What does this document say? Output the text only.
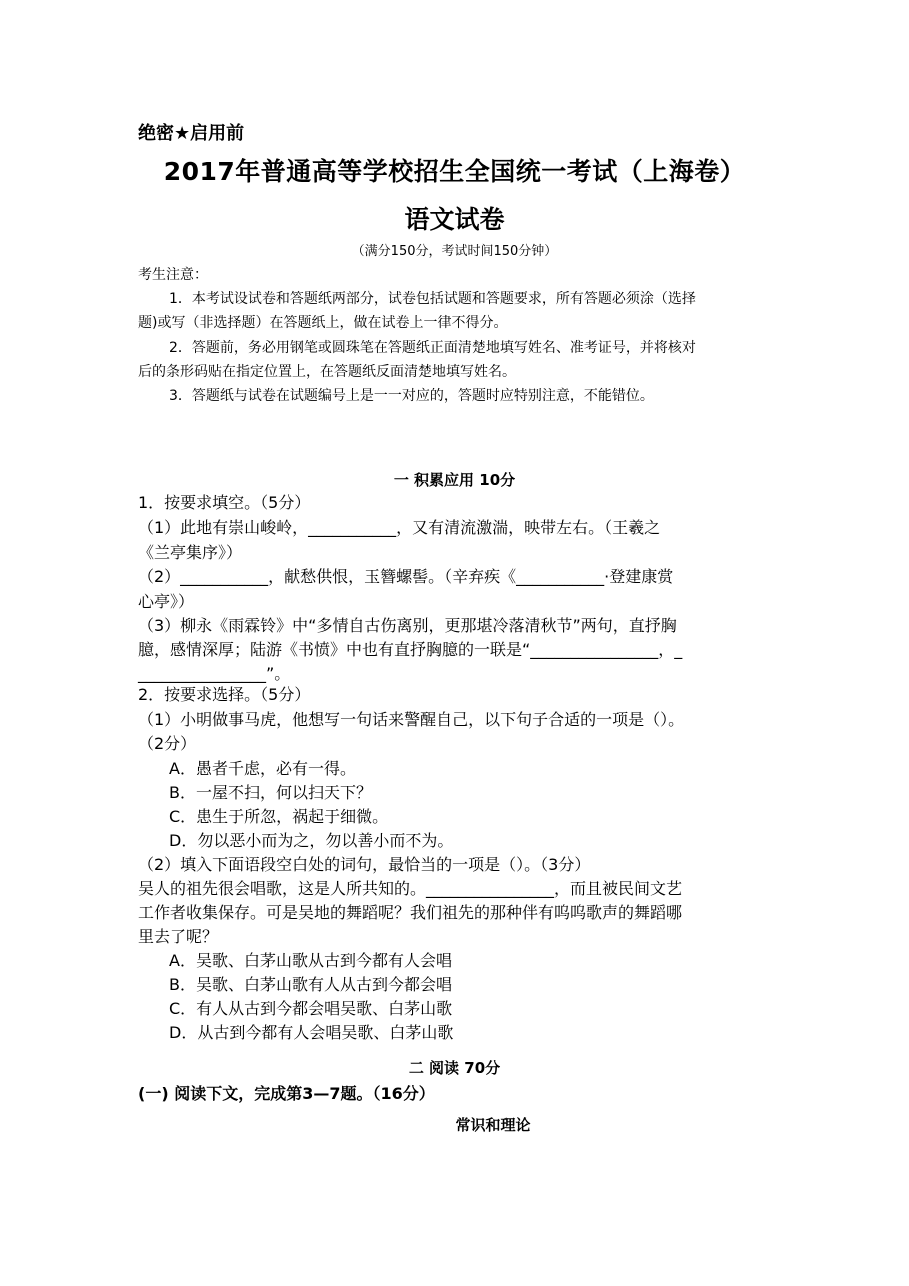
绝密★启用前
2017年普通高等学校招生全国统一考试（上海卷）
语文试卷
（满分150分，考试时间150分钟）
考生注意：
1．本考试设试卷和答题纸两部分，试卷包括试题和答题要求，所有答题必须涂（选择
题)或写（非选择题）在答题纸上，做在试卷上一律不得分。
2．答题前，务必用钢笔或圆珠笔在答题纸正面清楚地填写姓名、准考证号，并将核对
后的条形码贴在指定位置上，在答题纸反面清楚地填写姓名。
3．答题纸与试卷在试题编号上是一一对应的，答题时应特别注意，不能错位。
一 积累应用 10分
1．按要求填空。（5分）
（1）此地有崇山峻岭，___________，又有清流激湍，映带左右。（王羲之
《兰亭集序》）
（2）___________，献愁供恨，玉簪螺髻。（辛弃疾《___________·登建康赏
心亭》）
（3）柳永《雨霖铃》中“多情自古伤离别，更那堪冷落清秋节”两句，直抒胸
臆，感情深厚；陆游《书愤》中也有直抒胸臆的一联是“________________，_
________________”。
2．按要求选择。（5分）
（1）小明做事马虎，他想写一句话来警醒自己，以下句子合适的一项是（）。
（2分）
A．愚者千虑，必有一得。
B．一屋不扫，何以扫天下？
C．患生于所忽，祸起于细微。
D．勿以恶小而为之，勿以善小而不为。
（2）填入下面语段空白处的词句，最恰当的一项是（）。（3分）
吴人的祖先很会唱歌，这是人所共知的。________________，而且被民间文艺
工作者收集保存。可是吴地的舞蹈呢？我们祖先的那种伴有呜呜歌声的舞蹈哪
里去了呢？
A．吴歌、白茅山歌从古到今都有人会唱
B．吴歌、白茅山歌有人从古到今都会唱
C．有人从古到今都会唱吴歌、白茅山歌
D．从古到今都有人会唱吴歌、白茅山歌
二 阅读 70分
(一) 阅读下文，完成第3—7题。（16分）
常识和理论
